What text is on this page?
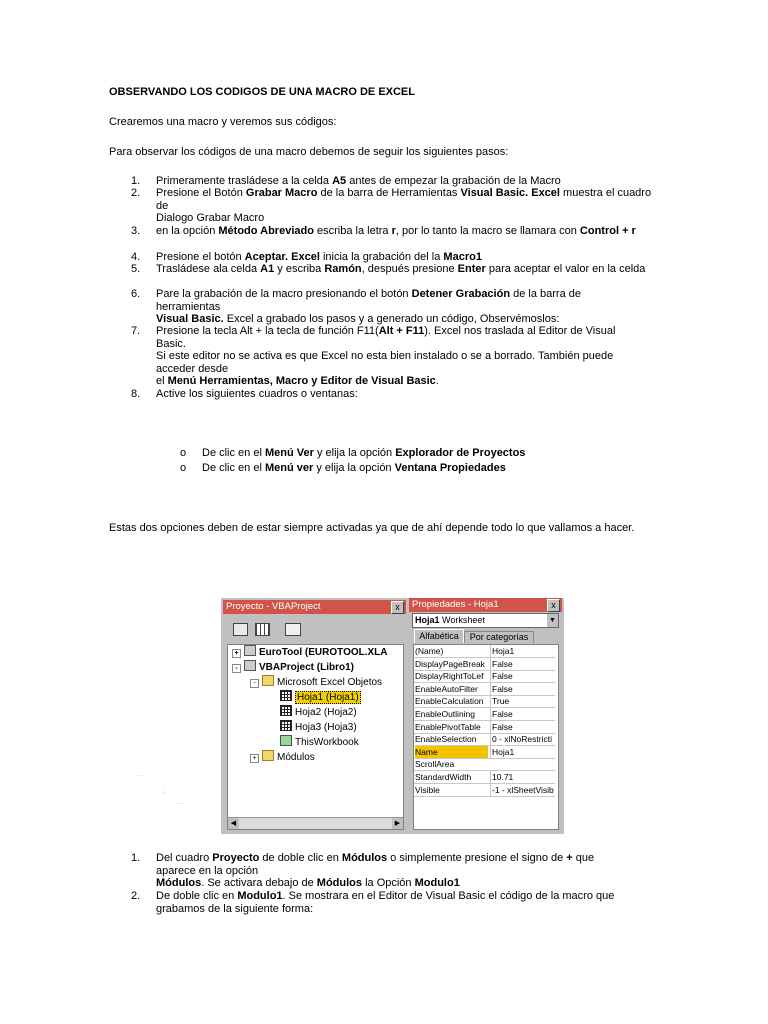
OBSERVANDO LOS CODIGOS DE UNA MACRO DE EXCEL
Crearemos una macro y veremos sus códigos:
Para observar los códigos de una macro debemos de seguir los siguientes pasos:
1.	Primeramente trasládese a la celda A5 antes de empezar la grabación de la Macro
2.	Presione el Botón Grabar Macro de la barra de Herramientas Visual Basic. Excel muestra el cuadro de
Dialogo Grabar Macro
3.	en la opción Método Abreviado escriba la letra r, por lo tanto la macro se llamara con Control + r
4.	Presione el botón Aceptar. Excel inicia la grabación del la Macro1
5.	Trasládese ala celda A1 y escriba Ramón, después presione Enter para aceptar el valor en la celda
6.	Pare la grabación de la macro presionando el botón Detener Grabación de la barra de herramientas
Visual Basic. Excel a grabado los pasos y a generado un código, Observémoslos:
7.	Presione la tecla Alt + la tecla de función F11(Alt + F11). Excel nos traslada al Editor de Visual Basic.
Si este editor no se activa es que Excel no esta bien instalado o se a borrado. También puede acceder desde
el Menú Herramientas, Macro y Editor de Visual Basic.
8.	Active los siguientes cuadros o ventanas:
o De clic en el Menú Ver y elija la opción Explorador de Proyectos
o De clic en el Menú ver y elija la opción Ventana Propiedades
Estas dos opciones deben de estar siempre activadas ya que de ahí depende todo lo que vallamos a hacer.
Proyecto - VBAProject	x
+ EuroTool (EUROTOOL.XLA
- VBAProject (Libro1)
- Microsoft Excel Objetos
Hoja1 (Hoja1)
Hoja2 (Hoja2)
Hoja3 (Hoja3)
ThisWorkbook
+ Módulos
◀	▶
Propiedades - Hoja1	x
Hoja1 Worksheet	▼
Alfabética	Por categorías
(Name)	Hoja1
DisplayPageBreak False
DisplayRightToLef False
EnableAutoFilter	False
EnableCalculation True
EnableOutlining	False
EnablePivotTable	False
EnableSelection	0 - xlNoRestricti
Name	Hoja1
ScrollArea
StandardWidth	10.71
Visible	-1 - xlSheetVisib
· ·
:
· ·
1.	Del cuadro Proyecto de doble clic en Módulos o simplemente presione el signo de + que aparece en la opción
Módulos. Se activara debajo de Módulos la Opción Modulo1
2.	De doble clic en Modulo1. Se mostrara en el Editor de Visual Basic el código de la macro que grabamos de la siguiente forma:
